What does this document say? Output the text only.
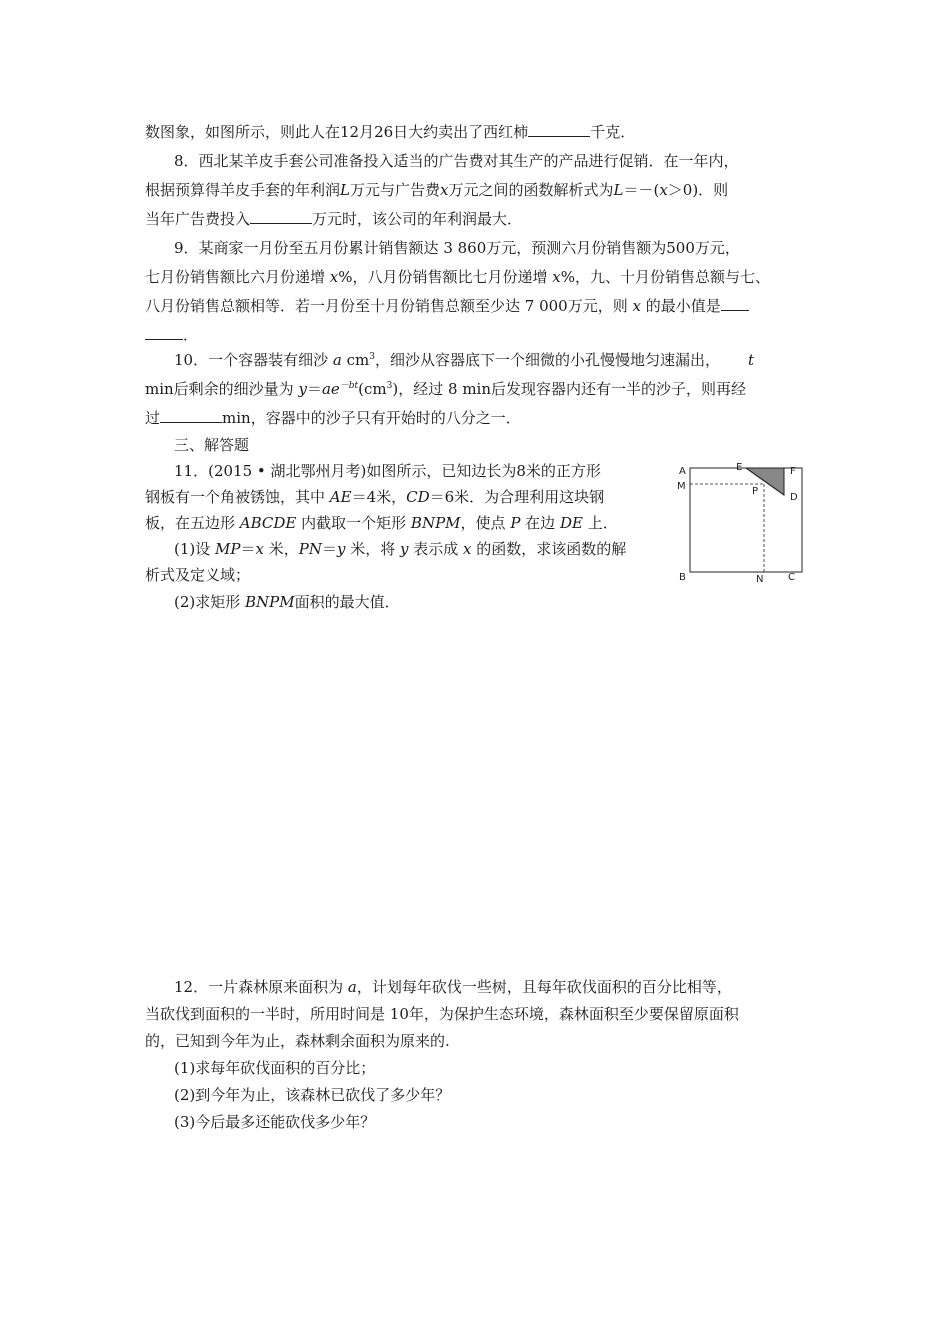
数图象，如图所示，则此人在12月26日大约卖出了西红柿	千克．
8．西北某羊皮手套公司准备投入适当的广告费对其生产的产品进行促销．在一年内，
根据预算得羊皮手套的年利润L万元与广告费x万元之间的函数解析式为L＝－(x＞0)．则
当年广告费投入	万元时，该公司的年利润最大．
9．某商家一月份至五月份累计销售额达 3 860万元，预测六月份销售额为500万元，
七月份销售额比六月份递增 x%，八月份销售额比七月份递增 x%，九、十月份销售总额与七、
八月份销售总额相等．若一月份至十月份销售总额至少达 7 000万元，则 x 的最小值是
．
10．一个容器装有细沙 a $cm^3$，细沙从容器底下一个细微的小孔慢慢地匀速漏出， t
min后剩余的细沙量为 $y=ae^{-bt}(cm^3)$，经过 8 min后发现容器内还有一半的沙子，则再经
过	min，容器中的沙子只有开始时的八分之一．
三、解答题
11．(2015 • 湖北鄂州月考)如图所示，已知边长为8米的正方形
钢板有一个角被锈蚀，其中 AE＝4米，CD＝6米．为合理利用这块钢
板，在五边形 ABCDE 内截取一个矩形 BNPM，使点 P 在边 DE 上．
(1)设 MP＝x 米，PN＝y 米，将 y 表示成 x 的函数，求该函数的解
析式及定义域；
(2)求矩形 BNPM面积的最大值．
A	E	F
M	P
D
B	N C
12．一片森林原来面积为 a，计划每年砍伐一些树，且每年砍伐面积的百分比相等，
当砍伐到面积的一半时，所用时间是 10年，为保护生态环境，森林面积至少要保留原面积
的，已知到今年为止，森林剩余面积为原来的.
(1)求每年砍伐面积的百分比；
(2)到今年为止，该森林已砍伐了多少年？
(3)今后最多还能砍伐多少年？
